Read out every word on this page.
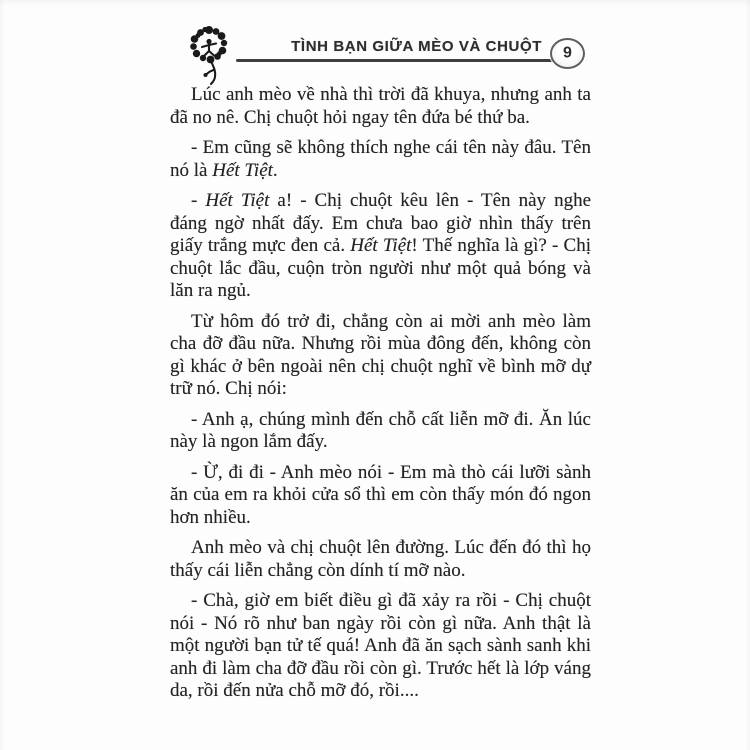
TÌNH BẠN GIỮA MÈO VÀ CHUỘT 9

Lúc anh mèo về nhà thì trời đã khuya, nhưng anh ta đã no nê. Chị chuột hỏi ngay tên đứa bé thứ ba.

- Em cũng sẽ không thích nghe cái tên này đâu. Tên nó là Hết Tiệt.

- Hết Tiệt a! - Chị chuột kêu lên - Tên này nghe đáng ngờ nhất đấy. Em chưa bao giờ nhìn thấy trên giấy trắng mực đen cả. Hết Tiệt! Thế nghĩa là gì? - Chị chuột lắc đầu, cuộn tròn người như một quả bóng và lăn ra ngủ.

Từ hôm đó trở đi, chẳng còn ai mời anh mèo làm cha đỡ đầu nữa. Nhưng rồi mùa đông đến, không còn gì khác ở bên ngoài nên chị chuột nghĩ về bình mỡ dự trữ nó. Chị nói:

- Anh ạ, chúng mình đến chỗ cất liễn mỡ đi. Ăn lúc này là ngon lắm đấy.

- Ừ, đi đi - Anh mèo nói - Em mà thò cái lưỡi sành ăn của em ra khỏi cửa sổ thì em còn thấy món đó ngon hơn nhiều.

Anh mèo và chị chuột lên đường. Lúc đến đó thì họ thấy cái liễn chẳng còn dính tí mỡ nào.

- Chà, giờ em biết điều gì đã xảy ra rồi - Chị chuột nói - Nó rõ như ban ngày rồi còn gì nữa. Anh thật là một người bạn tử tế quá! Anh đã ăn sạch sành sanh khi anh đi làm cha đỡ đầu rồi còn gì. Trước hết là lớp váng da, rồi đến nửa chỗ mỡ đó, rồi....
